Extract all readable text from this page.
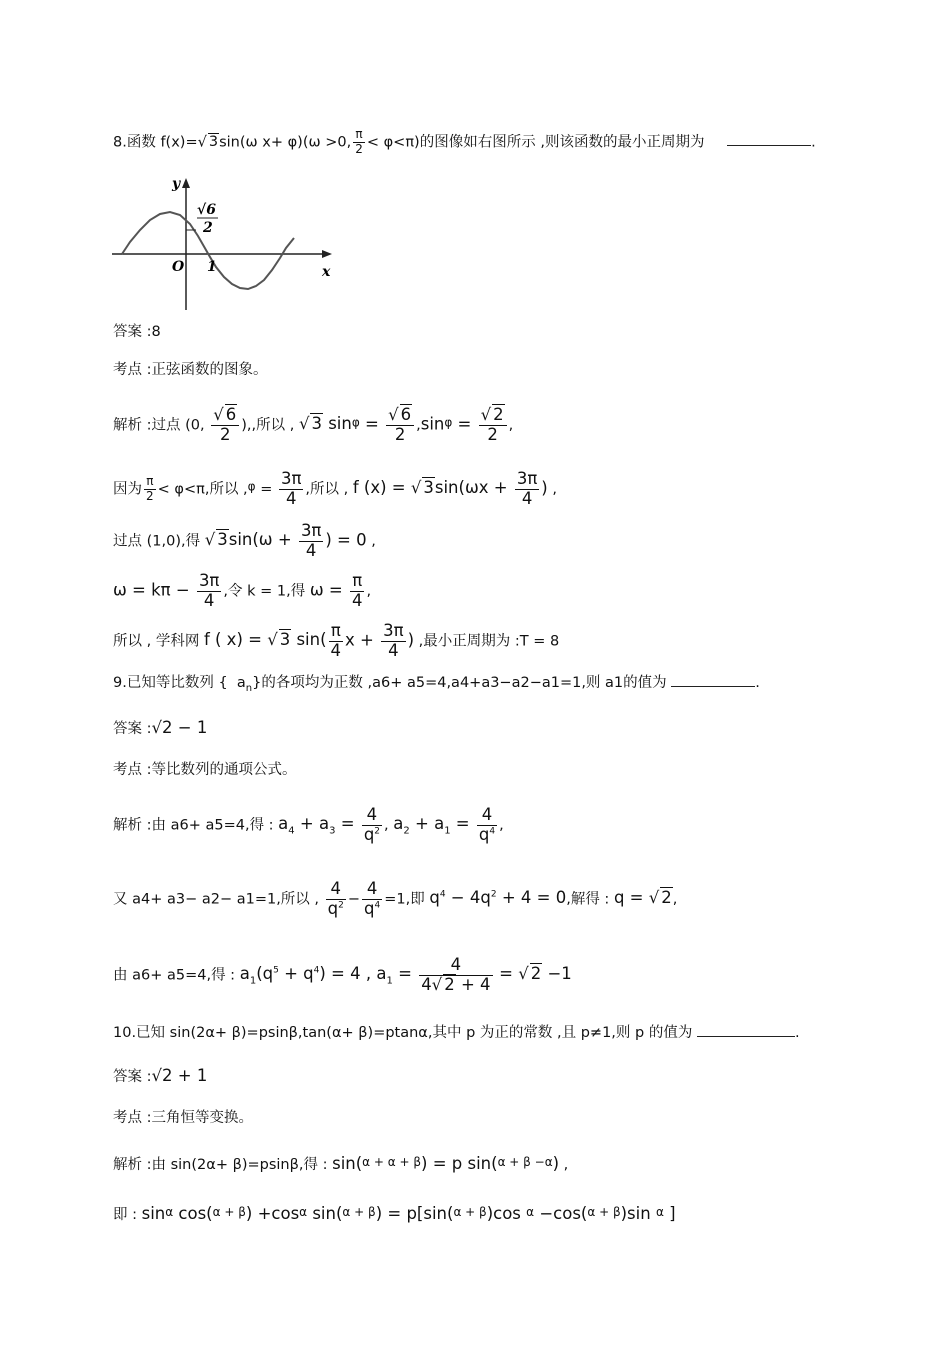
8.函数 f(x)=√ 3sin(ω x+ φ)(ω >0, $\frac{\pi}{2} < \varphi<\pi$)的图像如右图所示 ,则该函数的最小正周期为	.
y
x
O 1
√6
2
答案 :8
考点 :正弦函数的图象。
解析 :过点 (0, $\frac{√ 6}{2}$ ),,所以 , √ 3 $\sin^\varphi = \frac{√ 6}{2} ,\sin^\varphi = \frac{√ 2}{2}$ ,
因为 $\frac{\pi}{2} < \varphi<\pi$,所以 $,^\varphi = \frac{3\pi}{4}$ ,所以 , f (x) = √ $3\sin(\omega x + \frac{3\pi}{4}$ ) ,
过点 (1,0),得 √ $3\sin(\omega + \frac{3\pi}{4}$ ) = 0 ,
$\omega = k\pi - \frac{3\pi}{4}$ ,令 k = 1,得 $\omega = \frac{\pi}{4}$ ,
所以 , 学科网 f ( x) = √ 3 $\sin( \frac{\pi}{4}$ $x + \frac{3\pi}{4}$ ) ,最小正周期为 :T = 8
9.已知等比数列 {  $a_n$}的各项均为正数 ,a6+ a5=4,a4+a3−a2−a1=1,则 a1的值为	.
答案 :√2 − 1
考点 :等比数列的通项公式。
解析 :由 a6+ a5=4,得 : $a_4 + a_3 = \frac{4}{q^2}$ , $a_2 + a_1 = \frac{4}{q^4}$ ,
又 a4+ a3− a2− a1=1,所以 , $\frac{4}{q^2} - \frac{4}{q^4} =1$,即 $q^4 - 4q^2 + 4 = 0$,解得 : q = √ 2,
由 a6+ a5=4,得 : $a_1(q^5 + q^4) = 4$ , $a_1 = \frac{4}{4√ 2 + 4}$ = √ 2 −1
10.已知 sin(2α+ β)=psinβ,tan(α+ β)=ptanα,其中 p 为正的常数 ,且 p≠1,则 p 的值为	.
答案 :√2 + 1
考点 :三角恒等变换。
解析 :由 sin(2α+ β)=psinβ,得 : sin($^{\alpha + \alpha + \beta}$) = p sin($^{\alpha + \beta -\alpha}$) ,
即 : $\sin^\alpha \cos(^{\alpha + \beta}) +\cos^\alpha$ sin($^{\alpha + \beta}$) = p[sin($^{\alpha + \beta}$)cos $^\alpha$ −cos($^{\alpha + \beta}$)sin $^\alpha$ ]
